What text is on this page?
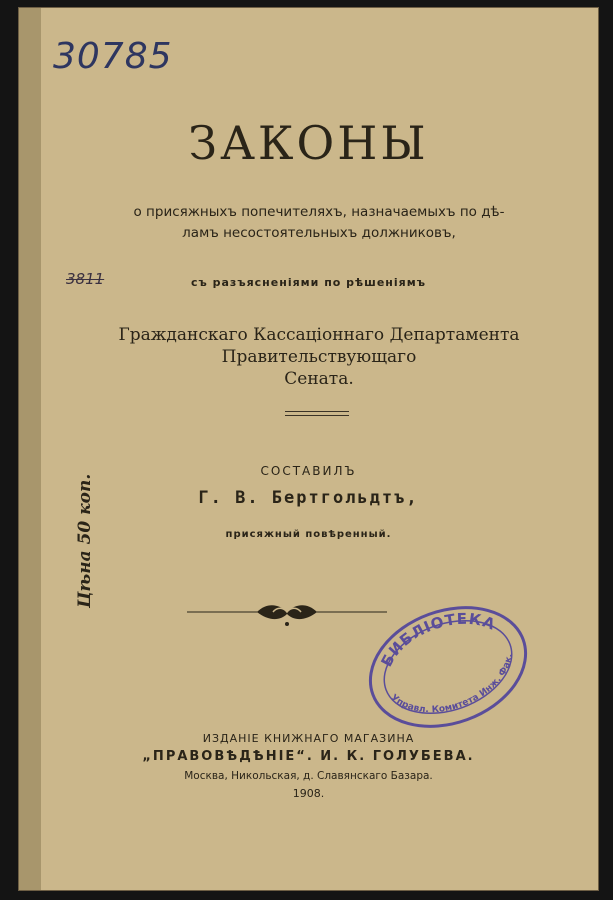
30785
3811
ЗАКОНЫ
о присяжныхъ попечителяхъ, назначаемыхъ по дѣ-
ламъ несостоятельныхъ должниковъ,
съ разъясненiями по рѣшенiямъ
Гражданскаго Кассацiоннаго Департамента Правительствующаго
Сената.
СОСТАВИЛЪ
Г. В. Бертгольдтъ,
присяжный повѣренный.
Цѣна 50 коп.
БИБЛIОТЕКА
Управл. Комитета Инж. Фак.
ИЗДАНIЕ КНИЖНАГО МАГАЗИНА
„ПРАВОВѢДѢНIЕ“. И. К. ГОЛУБЕВА.
Москва, Никольская, д. Славянскаго Базара.
1908.
